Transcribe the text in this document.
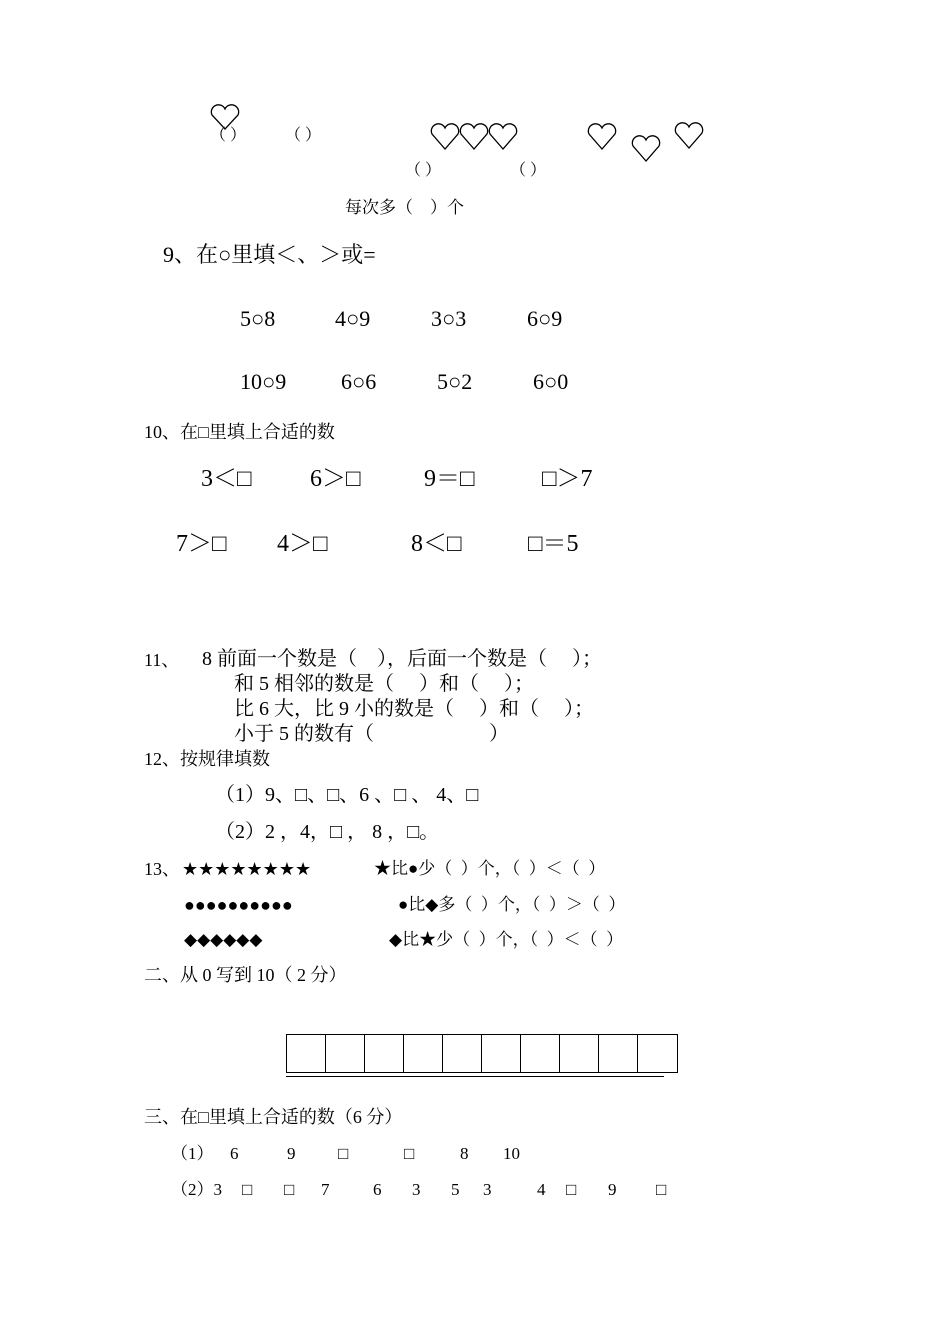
（ ） （ ）
（ ）	（ ）
每次多（    ）个
9、在○里填＜、＞或=
5○8	4○9	3○3	6○9
10○9 6○6	5○2	6○0
10、在□里填上合适的数
3＜□ 6＞□	9＝□	□＞7
7＞□ 4＞□	8＜□	□＝5
11、 8 前面一个数是（    ），后面一个数是（     ）；
和 5 相邻的数是（     ）和（     ）；
比 6 大，比 9 小的数是（     ）和（     ）；
小于 5 的数有（                       ）
12、按规律填数
（1）9、□、□、6 、□ 、 4、□
（2）2 ，4，□ ， 8 ，□。
13、 ★★★★★★★★	★比●少（  ）个，（  ）＜（  ）
●●●●●●●●●●	●比◆多（  ）个，（  ）＞（  ）
◆◆◆◆◆◆	◆比★少（  ）个，（  ）＜（  ）
二、从 0 写到 10（ 2 分）
三、在□里填上合适的数（6 分）
（1） 6	9	□	□	8 10
（2）3 □ □ 7	6 3 5 3	4 □ 9 □
